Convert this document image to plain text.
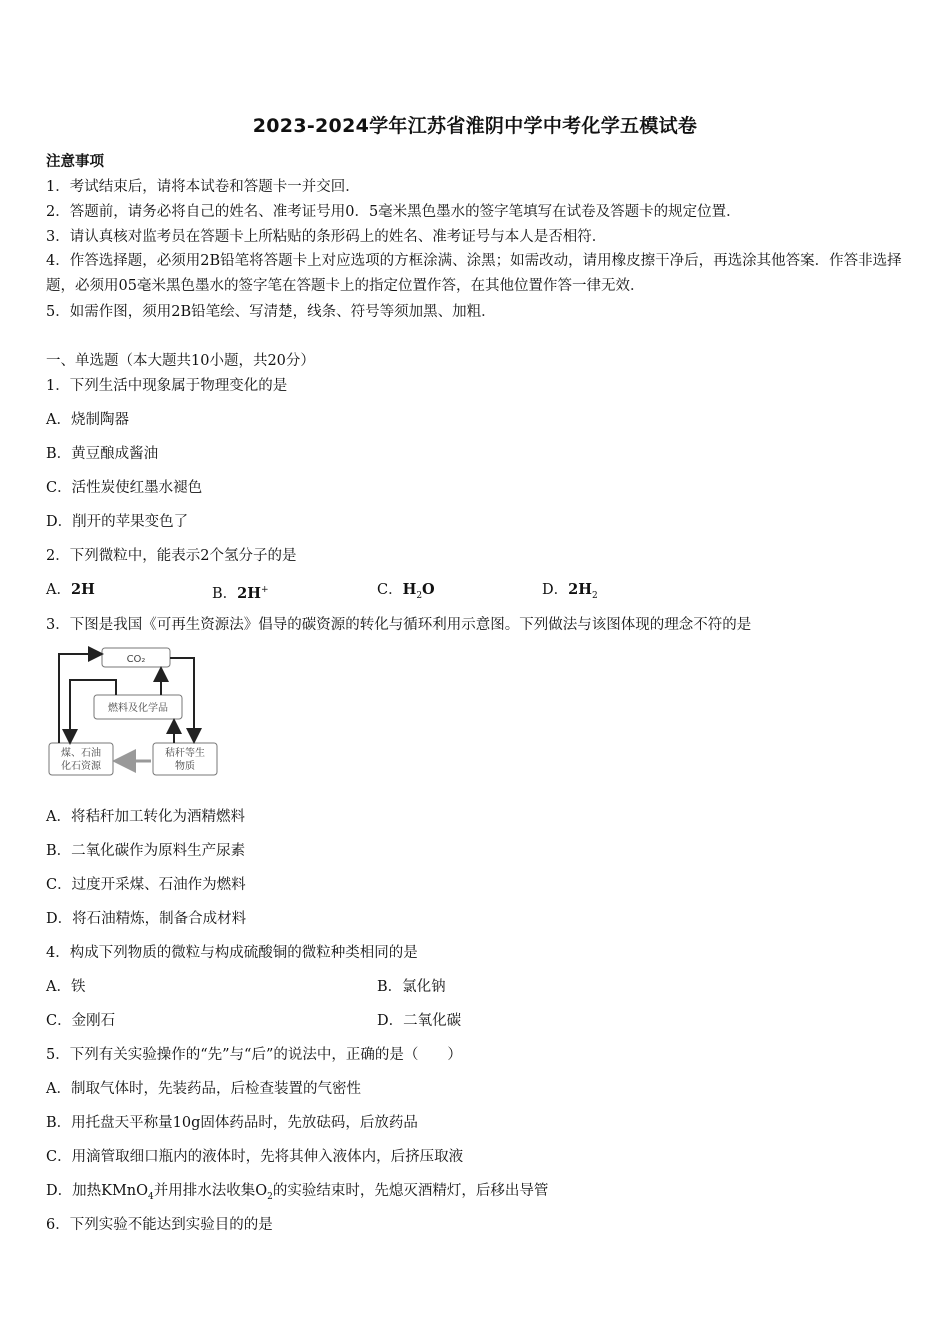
2023-2024学年江苏省淮阴中学中考化学五模试卷
注意事项
1．考试结束后，请将本试卷和答题卡一并交回．
2．答题前，请务必将自己的姓名、准考证号用0．5毫米黑色墨水的签字笔填写在试卷及答题卡的规定位置．
3．请认真核对监考员在答题卡上所粘贴的条形码上的姓名、准考证号与本人是否相符．
4．作答选择题，必须用2B铅笔将答题卡上对应选项的方框涂满、涂黑；如需改动，请用橡皮擦干净后，再选涂其他答案．作答非选择题，必须用05毫米黑色墨水的签字笔在答题卡上的指定位置作答，在其他位置作答一律无效．
5．如需作图，须用2B铅笔绘、写清楚，线条、符号等须加黑、加粗．
一、单选题（本大题共10小题，共20分）
1．下列生活中现象属于物理变化的是
A．烧制陶器
B．黄豆酿成酱油
C．活性炭使红墨水褪色
D．削开的苹果变色了
2．下列微粒中，能表示2个氢分子的是
A．2H	B．2H+	C．$H_2O$	D．$2H_2$
3．下图是我国《可再生资源法》倡导的碳资源的转化与循环利用示意图。下列做法与该图体现的理念不符的是
CO₂
燃料及化学品
煤、石油
化石资源
秸秆等生
物质
A．将秸秆加工转化为酒精燃料
B．二氧化碳作为原料生产尿素
C．过度开采煤、石油作为燃料
D．将石油精炼，制备合成材料
4．构成下列物质的微粒与构成硫酸铜的微粒种类相同的是
A．铁	B．氯化钠
C．金刚石	D．二氧化碳
5．下列有关实验操作的“先”与“后”的说法中，正确的是（　　）
A．制取气体时，先装药品，后检查装置的气密性
B．用托盘天平称量10g固体药品时，先放砝码，后放药品
C．用滴管取细口瓶内的液体时，先将其伸入液体内，后挤压取液
D．加热KMnO$_4$并用排水法收集$O_2$的实验结束时，先熄灭酒精灯，后移出导管
6．下列实验不能达到实验目的的是
